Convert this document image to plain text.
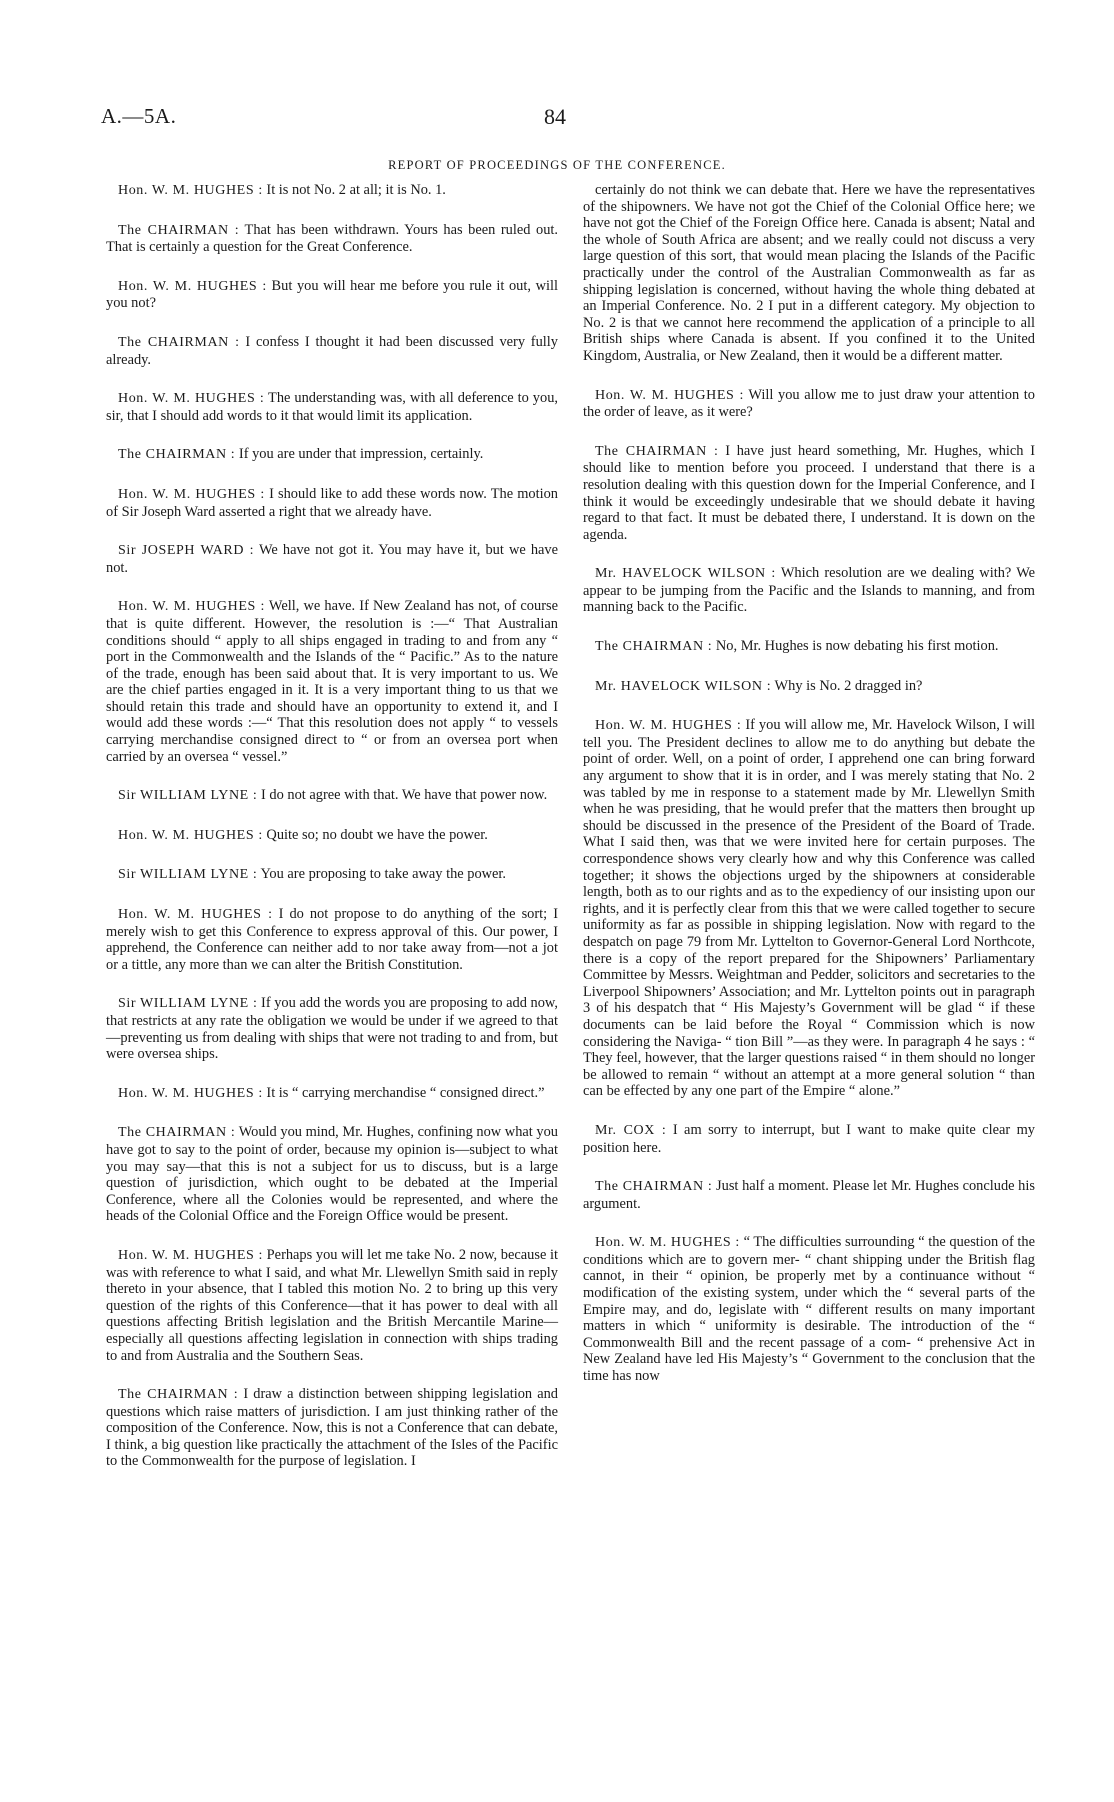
A.—5A.	84
REPORT OF PROCEEDINGS OF THE CONFERENCE.

Hon. W. M. HUGHES : It is not No. 2 at all; it is No. 1.

The CHAIRMAN : That has been withdrawn. Yours has been ruled out. That is certainly a question for the Great Conference.

Hon. W. M. HUGHES : But you will hear me before you rule it out, will you not?

The CHAIRMAN : I confess I thought it had been discussed very fully already.

Hon. W. M. HUGHES : The understanding was, with all deference to you, sir, that I should add words to it that would limit its application.

The CHAIRMAN : If you are under that impression, certainly.

Hon. W. M. HUGHES : I should like to add these words now. The motion of Sir Joseph Ward asserted a right that we already have.

Sir JOSEPH WARD : We have not got it. You may have it, but we have not.

Hon. W. M. HUGHES : Well, we have. If New Zealand has not, of course that is quite different. However, the resolution is :—“ That Australian conditions should “ apply to all ships engaged in trading to and from any “ port in the Commonwealth and the Islands of the “ Pacific.” As to the nature of the trade, enough has been said about that. It is very important to us. We are the chief parties engaged in it. It is a very important thing to us that we should retain this trade and should have an opportunity to extend it, and I would add these words :—“ That this resolution does not apply “ to vessels carrying merchandise consigned direct to “ or from an oversea port when carried by an oversea “ vessel.”

Sir WILLIAM LYNE : I do not agree with that. We have that power now.

Hon. W. M. HUGHES : Quite so; no doubt we have the power.

Sir WILLIAM LYNE : You are proposing to take away the power.

Hon. W. M. HUGHES : I do not propose to do anything of the sort; I merely wish to get this Conference to express approval of this. Our power, I apprehend, the Conference can neither add to nor take away from—not a jot or a tittle, any more than we can alter the British Constitution.

Sir WILLIAM LYNE : If you add the words you are proposing to add now, that restricts at any rate the obligation we would be under if we agreed to that—preventing us from dealing with ships that were not trading to and from, but were oversea ships.

Hon. W. M. HUGHES : It is “ carrying merchandise “ consigned direct.”

The CHAIRMAN : Would you mind, Mr. Hughes, confining now what you have got to say to the point of order, because my opinion is—subject to what you may say—that this is not a subject for us to discuss, but is a large question of jurisdiction, which ought to be debated at the Imperial Conference, where all the Colonies would be represented, and where the heads of the Colonial Office and the Foreign Office would be present.

Hon. W. M. HUGHES : Perhaps you will let me take No. 2 now, because it was with reference to what I said, and what Mr. Llewellyn Smith said in reply thereto in your absence, that I tabled this motion No. 2 to bring up this very question of the rights of this Conference—that it has power to deal with all questions affecting British legislation and the British Mercantile Marine—especially all questions affecting legislation in connection with ships trading to and from Australia and the Southern Seas.

The CHAIRMAN : I draw a distinction between shipping legislation and questions which raise matters of jurisdiction. I am just thinking rather of the composition of the Conference. Now, this is not a Conference that can debate, I think, a big question like practically the attachment of the Isles of the Pacific to the Commonwealth for the purpose of legislation. I

certainly do not think we can debate that. Here we have the representatives of the shipowners. We have not got the Chief of the Colonial Office here; we have not got the Chief of the Foreign Office here. Canada is absent; Natal and the whole of South Africa are absent; and we really could not discuss a very large question of this sort, that would mean placing the Islands of the Pacific practically under the control of the Australian Commonwealth as far as shipping legislation is concerned, without having the whole thing debated at an Imperial Conference. No. 2 I put in a different category. My objection to No. 2 is that we cannot here recommend the application of a principle to all British ships where Canada is absent. If you confined it to the United Kingdom, Australia, or New Zealand, then it would be a different matter.

Hon. W. M. HUGHES : Will you allow me to just draw your attention to the order of leave, as it were?

The CHAIRMAN : I have just heard something, Mr. Hughes, which I should like to mention before you proceed. I understand that there is a resolution dealing with this question down for the Imperial Conference, and I think it would be exceedingly undesirable that we should debate it having regard to that fact. It must be debated there, I understand. It is down on the agenda.

Mr. HAVELOCK WILSON : Which resolution are we dealing with? We appear to be jumping from the Pacific and the Islands to manning, and from manning back to the Pacific.

The CHAIRMAN : No, Mr. Hughes is now debating his first motion.

Mr. HAVELOCK WILSON : Why is No. 2 dragged in?

Hon. W. M. HUGHES : If you will allow me, Mr. Havelock Wilson, I will tell you. The President declines to allow me to do anything but debate the point of order. Well, on a point of order, I apprehend one can bring forward any argument to show that it is in order, and I was merely stating that No. 2 was tabled by me in response to a statement made by Mr. Llewellyn Smith when he was presiding, that he would prefer that the matters then brought up should be discussed in the presence of the President of the Board of Trade. What I said then, was that we were invited here for certain purposes. The correspondence shows very clearly how and why this Conference was called together; it shows the objections urged by the shipowners at considerable length, both as to our rights and as to the expediency of our insisting upon our rights, and it is perfectly clear from this that we were called together to secure uniformity as far as possible in shipping legislation. Now with regard to the despatch on page 79 from Mr. Lyttelton to Governor-General Lord Northcote, there is a copy of the report prepared for the Shipowners’ Parliamentary Committee by Messrs. Weightman and Pedder, solicitors and secretaries to the Liverpool Shipowners’ Association; and Mr. Lyttelton points out in paragraph 3 of his despatch that “ His Majesty’s Government will be glad “ if these documents can be laid before the Royal “ Commission which is now considering the Naviga- “ tion Bill ”—as they were. In paragraph 4 he says : “ They feel, however, that the larger questions raised “ in them should no longer be allowed to remain “ without an attempt at a more general solution “ than can be effected by any one part of the Empire “ alone.”

Mr. COX : I am sorry to interrupt, but I want to make quite clear my position here.

The CHAIRMAN : Just half a moment. Please let Mr. Hughes conclude his argument.

Hon. W. M. HUGHES : “ The difficulties surrounding “ the question of the conditions which are to govern mer- “ chant shipping under the British flag cannot, in their “ opinion, be properly met by a continuance without “ modification of the existing system, under which the “ several parts of the Empire may, and do, legislate with “ different results on many important matters in which “ uniformity is desirable. The introduction of the “ Commonwealth Bill and the recent passage of a com- “ prehensive Act in New Zealand have led His Majesty’s “ Government to the conclusion that the time has now
